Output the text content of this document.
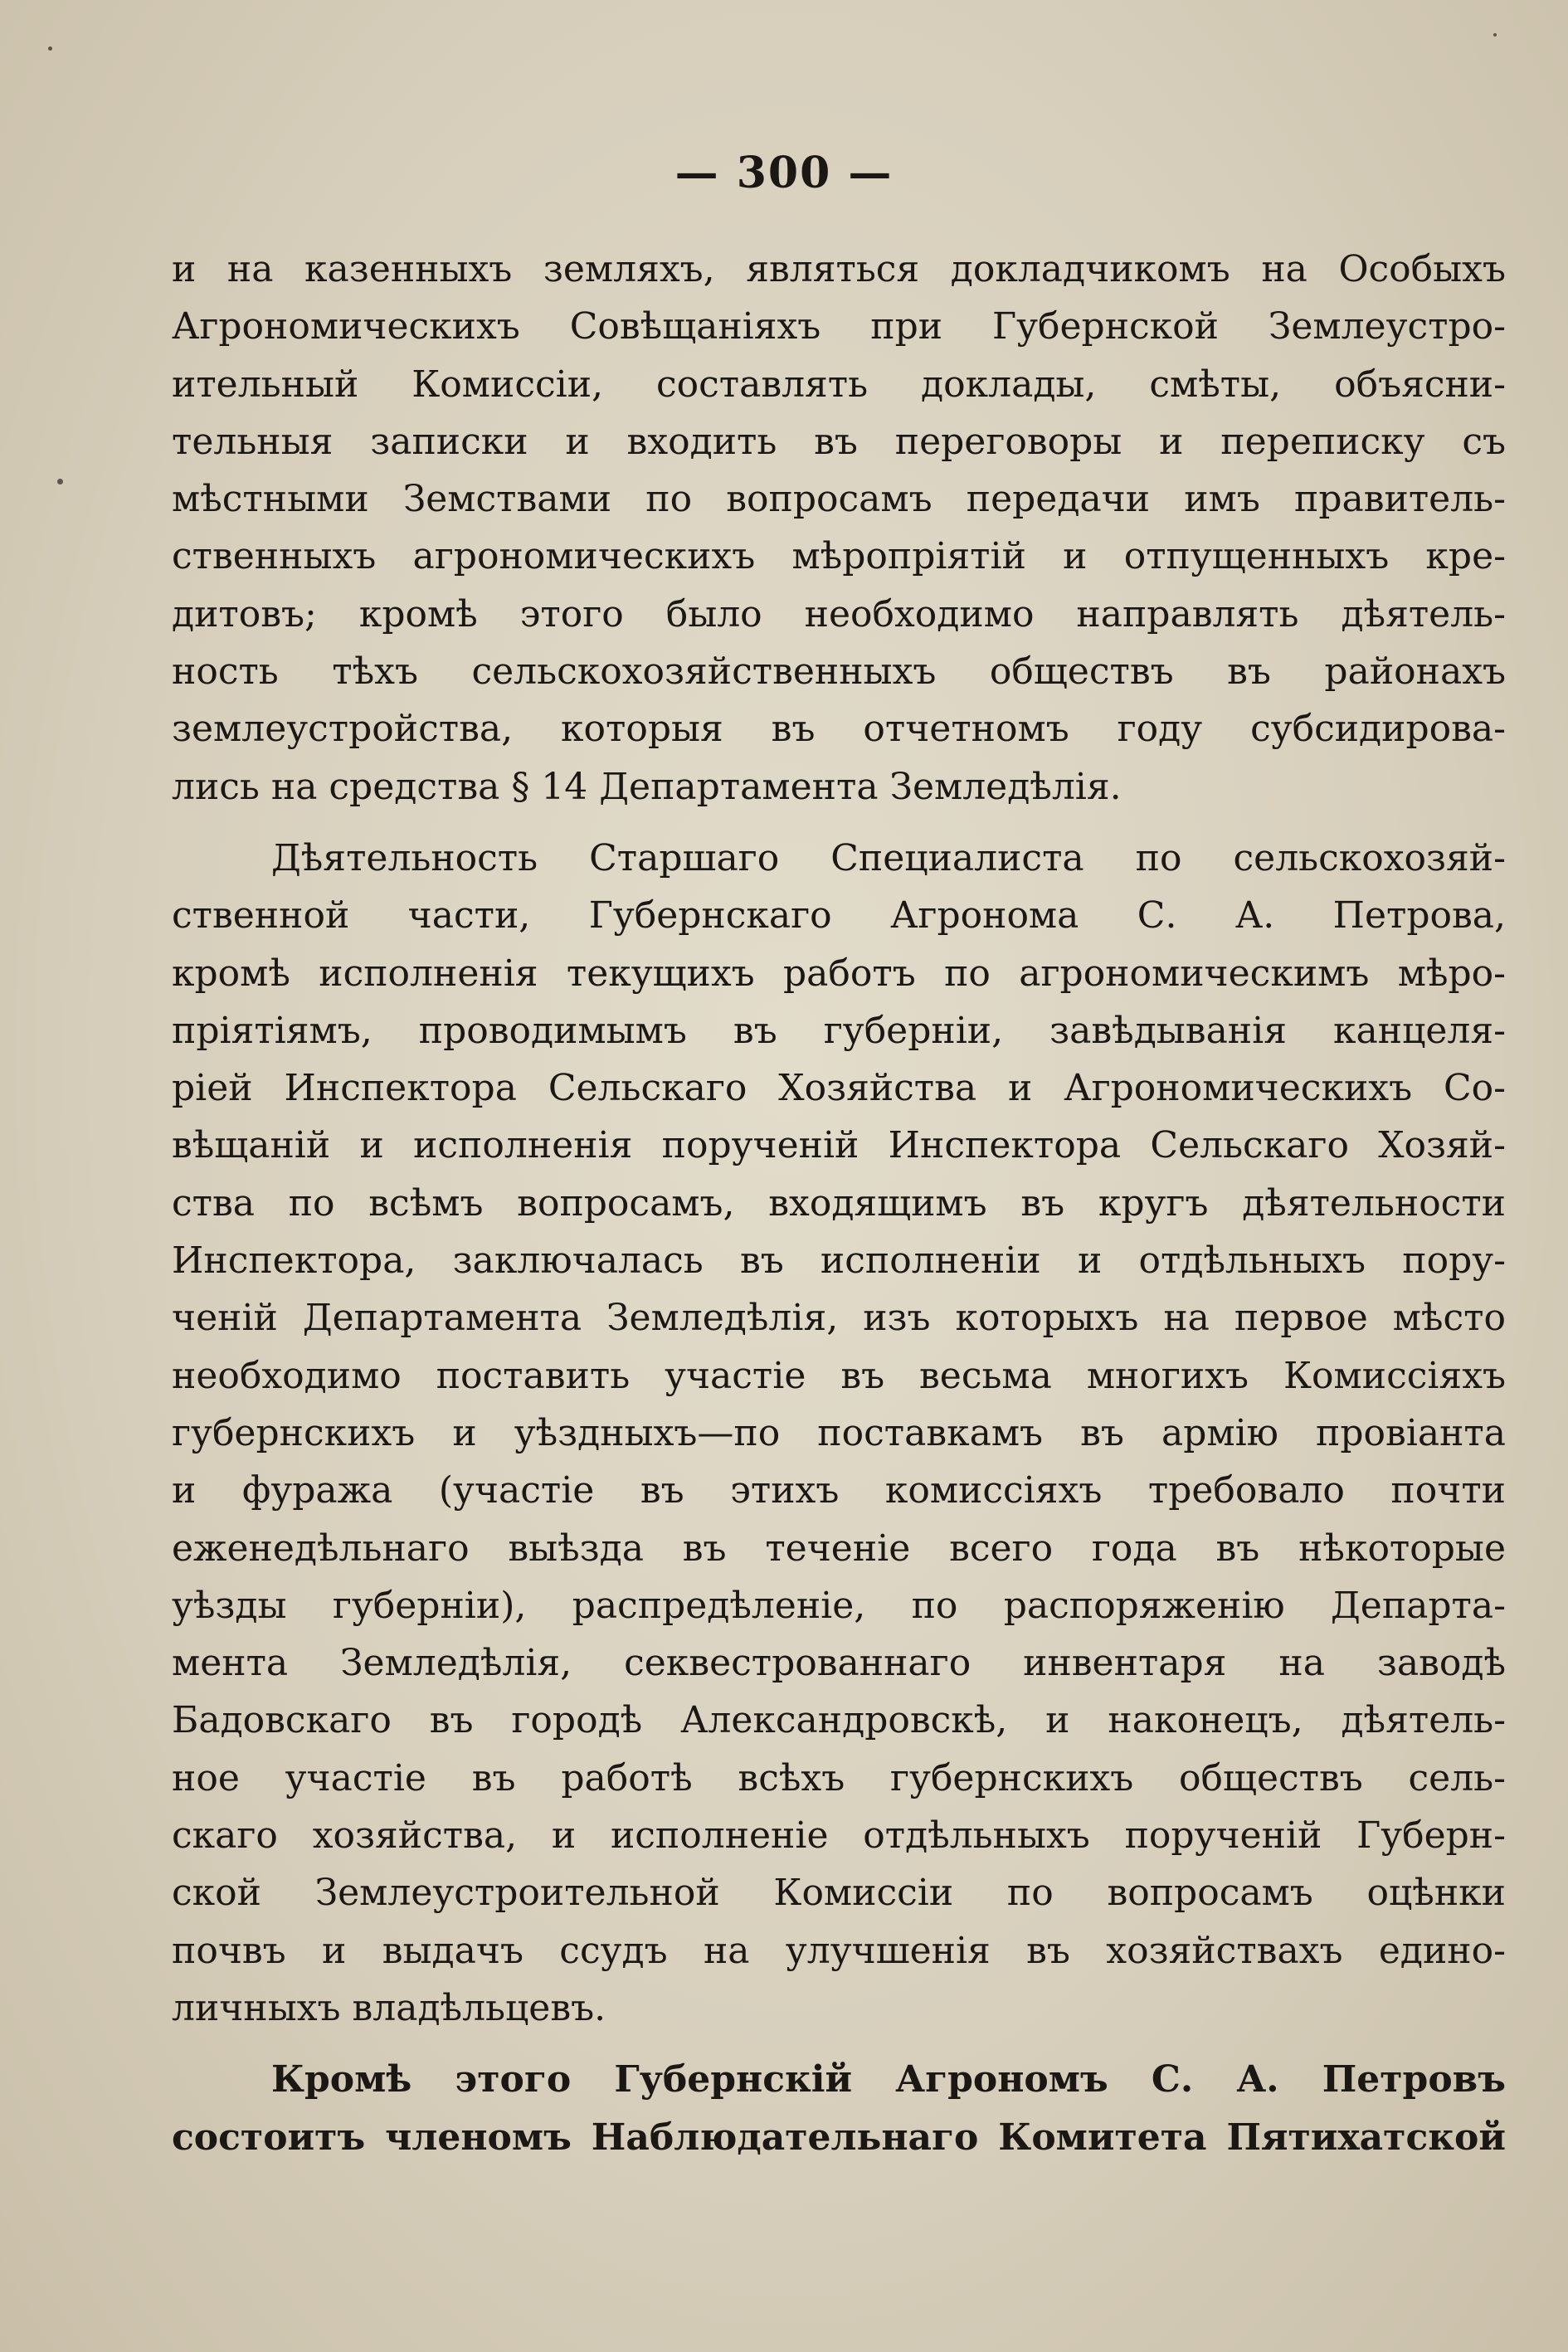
— 300 —
и на казенныхъ земляхъ, являться докладчикомъ на Особыхъ
Агрономическихъ Совѣщаніяхъ при Губернской Землеустро-
ительный Комиссіи, составлять доклады, смѣты, объясни-
тельныя записки и входить въ переговоры и переписку съ
мѣстными Земствами по вопросамъ передачи имъ правитель-
ственныхъ агрономическихъ мѣропріятій и отпущенныхъ кре-
дитовъ; кромѣ этого было необходимо направлять дѣятель-
ность тѣхъ сельскохозяйственныхъ обществъ въ районахъ
землеустройства, которыя въ отчетномъ году субсидирова-
лись на средства § 14 Департамента Земледѣлія.
Дѣятельность Старшаго Специалиста по сельскохозяй-
ственной части, Губернскаго Агронома С. А. Петрова,
кромѣ исполненія текущихъ работъ по агрономическимъ мѣро-
пріятіямъ, проводимымъ въ губерніи, завѣдыванія канцеля-
ріей Инспектора Сельскаго Хозяйства и Агрономическихъ Со-
вѣщаній и исполненія порученій Инспектора Сельскаго Хозяй-
ства по всѣмъ вопросамъ, входящимъ въ кругъ дѣятельности
Инспектора, заключалась въ исполненіи и отдѣльныхъ пору-
ченій Департамента Земледѣлія, изъ которыхъ на первое мѣсто
необходимо поставить участіе въ весьма многихъ Комиссіяхъ
губернскихъ и уѣздныхъ—по поставкамъ въ армію провіанта
и фуража (участіе въ этихъ комиссіяхъ требовало почти
еженедѣльнаго выѣзда въ теченіе всего года въ нѣкоторые
уѣзды губерніи), распредѣленіе, по распоряженію Департа-
мента Земледѣлія, секвестрованнаго инвентаря на заводѣ
Бадовскаго въ городѣ Александровскѣ, и наконецъ, дѣятель-
ное участіе въ работѣ всѣхъ губернскихъ обществъ сель-
скаго хозяйства, и исполненіе отдѣльныхъ порученій Губерн-
ской Землеустроительной Комиссіи по вопросамъ оцѣнки
почвъ и выдачъ ссудъ на улучшенія въ хозяйствахъ едино-
личныхъ владѣльцевъ.
Кромѣ этого Губернскій Агрономъ С. А. Петровъ
состоитъ членомъ Наблюдательнаго Комитета Пятихатской
